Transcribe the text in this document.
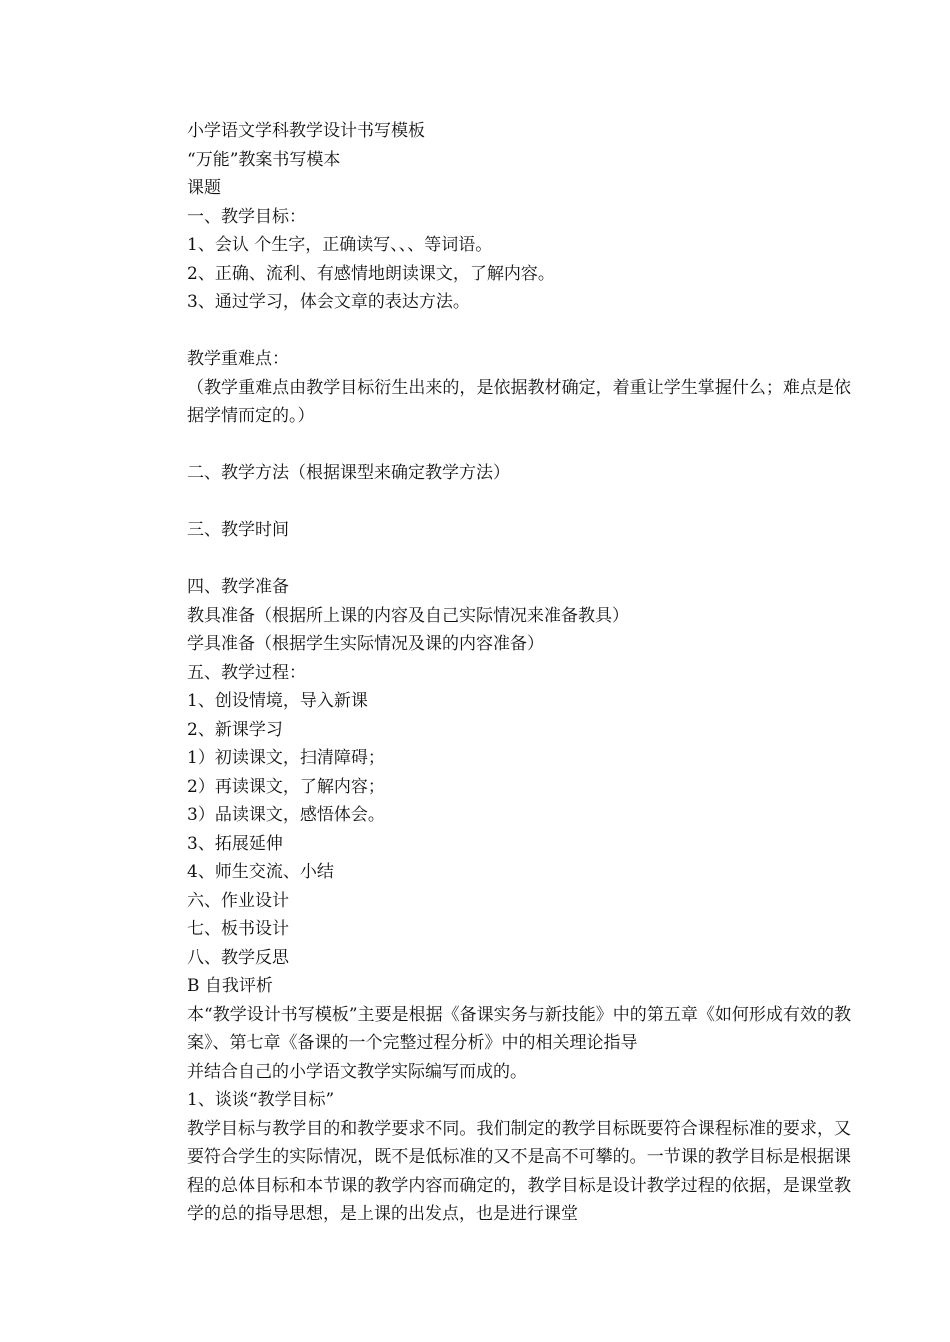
小学语文学科教学设计书写模板
“万能”教案书写模本
课题
一、教学目标：
1、会认 个生字，正确读写、、、等词语。
2、正确、流利、有感情地朗读课文，了解内容。
3、通过学习，体会文章的表达方法。
教学重难点：
（教学重难点由教学目标衍生出来的，是依据教材确定，着重让学生掌握什么；难点是依据学情而定的。）
二、教学方法（根据课型来确定教学方法）
三、教学时间
四、教学准备
教具准备（根据所上课的内容及自己实际情况来准备教具）
学具准备（根据学生实际情况及课的内容准备）
五、教学过程：
1、创设情境，导入新课
2、新课学习
1）初读课文，扫清障碍；
2）再读课文，了解内容；
3）品读课文，感悟体会。
3、拓展延伸
4、师生交流、小结
六、作业设计
七、板书设计
八、教学反思
B 自我评析
本“教学设计书写模板”主要是根据《备课实务与新技能》中的第五章《如何形成有效的教案》、第七章《备课的一个完整过程分析》中的相关理论指导
并结合自己的小学语文教学实际编写而成的。
1、谈谈“教学目标”
教学目标与教学目的和教学要求不同。我们制定的教学目标既要符合课程标准的要求，又要符合学生的实际情况，既不是低标准的又不是高不可攀的。一节课的教学目标是根据课程的总体目标和本节课的教学内容而确定的，教学目标是设计教学过程的依据，是课堂教学的总的指导思想，是上课的出发点，也是进行课堂
